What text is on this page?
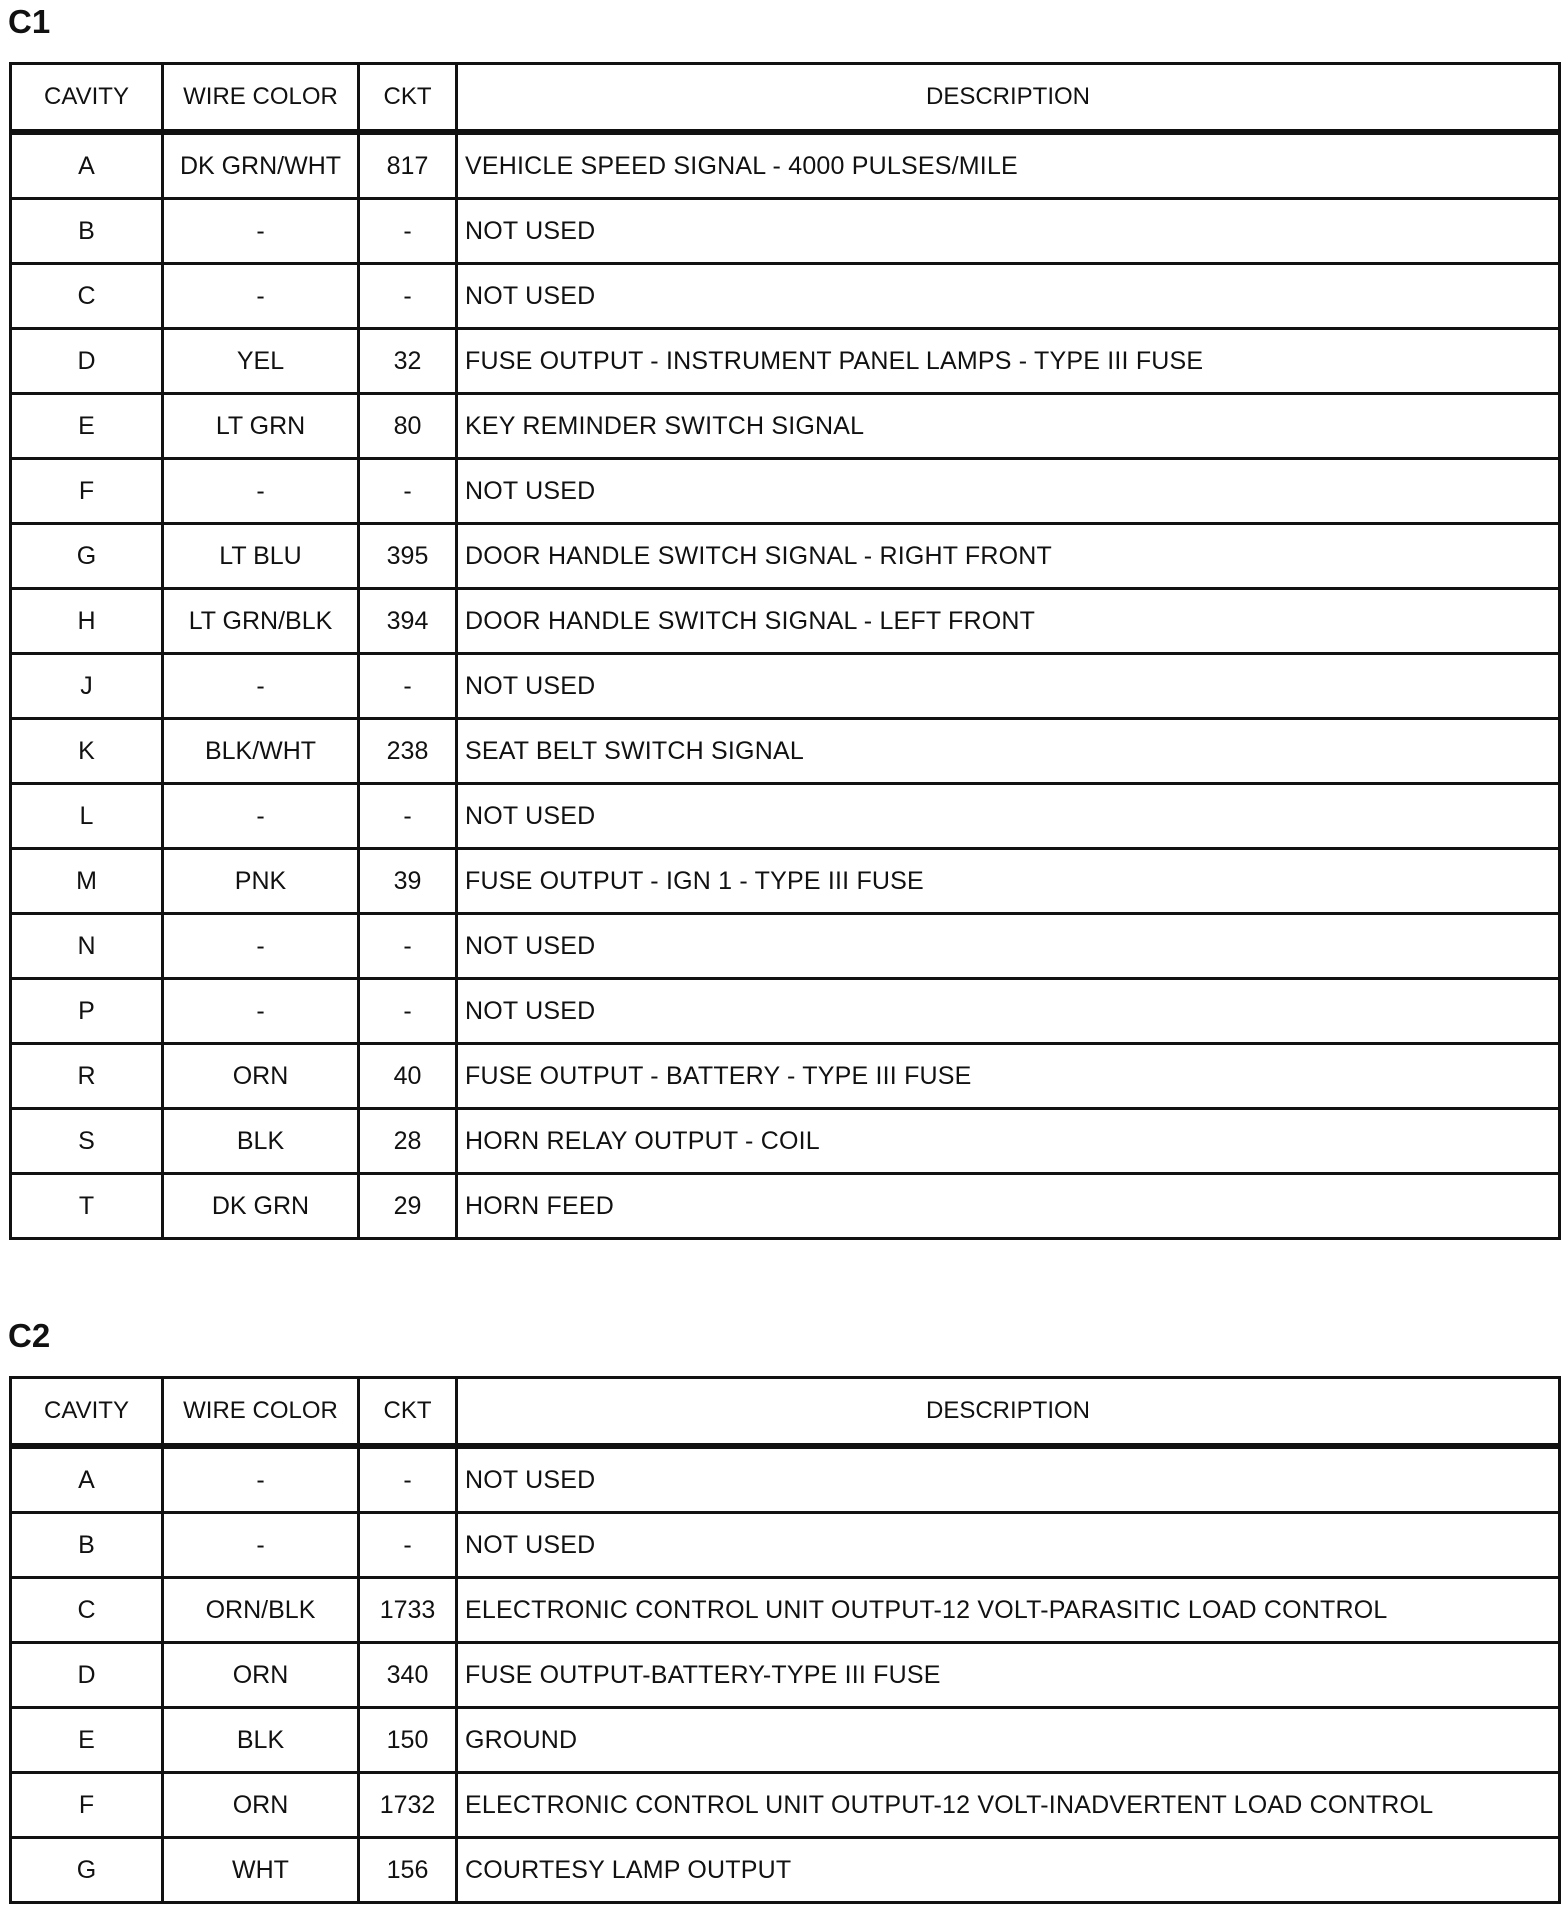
C1
CAVITY	WIRE COLOR	CKT	DESCRIPTION
A	DK GRN/WHT	817	VEHICLE SPEED SIGNAL - 4000 PULSES/MILE
B	-	-	NOT USED
C	-	-	NOT USED
D	YEL	32	FUSE OUTPUT - INSTRUMENT PANEL LAMPS - TYPE III FUSE
E	LT GRN	80	KEY REMINDER SWITCH SIGNAL
F	-	-	NOT USED
G	LT BLU	395	DOOR HANDLE SWITCH SIGNAL - RIGHT FRONT
H	LT GRN/BLK	394	DOOR HANDLE SWITCH SIGNAL - LEFT FRONT
J	-	-	NOT USED
K	BLK/WHT	238	SEAT BELT SWITCH SIGNAL
L	-	-	NOT USED
M	PNK	39	FUSE OUTPUT - IGN 1 - TYPE III FUSE
N	-	-	NOT USED
P	-	-	NOT USED
R	ORN	40	FUSE OUTPUT - BATTERY - TYPE III FUSE
S	BLK	28	HORN RELAY OUTPUT - COIL
T	DK GRN	29	HORN FEED
C2
CAVITY	WIRE COLOR	CKT	DESCRIPTION
A	-	-	NOT USED
B	-	-	NOT USED
C	ORN/BLK	1733	ELECTRONIC CONTROL UNIT OUTPUT-12 VOLT-PARASITIC LOAD CONTROL
D	ORN	340	FUSE OUTPUT-BATTERY-TYPE III FUSE
E	BLK	150	GROUND
F	ORN	1732	ELECTRONIC CONTROL UNIT OUTPUT-12 VOLT-INADVERTENT LOAD CONTROL
G	WHT	156	COURTESY LAMP OUTPUT
